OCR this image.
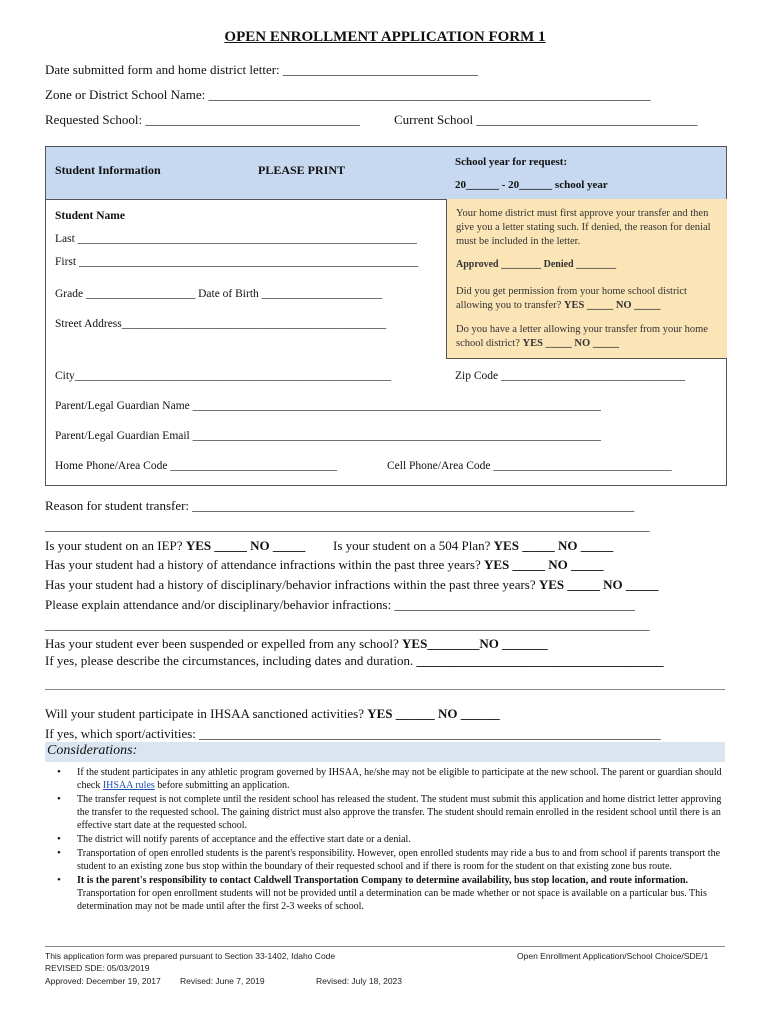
OPEN ENROLLMENT APPLICATION FORM 1
Date submitted form and home district letter: ______________________________
Zone or District School Name: ____________________________________________________________________
Requested School: _________________________________	Current School __________________________________
Student Information	PLEASE PRINT
School year for request:
20______ - 20______ school year
Your home district must first approve your transfer and then give you a letter stating such. If denied, the reason for denial must be included in the letter.
Approved ________ Denied ________
Did you get permission from your home school district allowing you to transfer? YES _____ NO _____
Do you have a letter allowing your transfer from your home school district? YES _____ NO _____
Student Name
Last ___________________________________________________________
First ___________________________________________________________
Grade ___________________ Date of Birth _____________________
Street Address______________________________________________
City_______________________________________________________	Zip Code ________________________________
Parent/Legal Guardian Name _______________________________________________________________________
Parent/Legal Guardian Email _______________________________________________________________________
Home Phone/Area Code _____________________________	Cell Phone/Area Code _______________________________
Reason for student transfer: ____________________________________________________________________
_____________________________________________________________________________________________
Is your student on an IEP? YES _____ NO _____ Is your student on a 504 Plan? YES _____ NO _____
Has your student had a history of attendance infractions within the past three years? YES _____ NO _____
Has your student had a history of disciplinary/behavior infractions within the past three years? YES _____ NO _____
Please explain attendance and/or disciplinary/behavior infractions: _____________________________________
_____________________________________________________________________________________________
Has your student ever been suspended or expelled from any school? YES________NO _______
If yes, please describe the circumstances, including dates and duration. ______________________________________
Will your student participate in IHSAA sanctioned activities? YES ______ NO ______
If yes, which sport/activities: _______________________________________________________________________
Considerations:
• If the student participates in any athletic program governed by IHSAA, he/she may not be eligible to participate at the new school. The parent or guardian should check IHSAA rules before submitting an application.
• The transfer request is not complete until the resident school has released the student. The student must submit this application and home district letter approving the transfer to the requested school. The gaining district must also approve the transfer. The student should remain enrolled in the resident school until there is an effective start date at the requested school.
• The district will notify parents of acceptance and the effective start date or a denial.
• Transportation of open enrolled students is the parent's responsibility. However, open enrolled students may ride a bus to and from school if parents transport the student to an existing zone bus stop within the boundary of their requested school and if there is room for the student on that existing zone bus route.
• It is the parent's responsibility to contact Caldwell Transportation Company to determine availability, bus stop location, and route information. Transportation for open enrollment students will not be provided until a determination can be made whether or not space is available on a particular bus. This determination may not be made until after the first 2-3 weeks of school.
This application form was prepared pursuant to Section 33-1402, Idaho Code
REVISED SDE: 05/03/2019
Approved: December 19, 2017 Revised: June 7, 2019	Revised: July 18, 2023
Open Enrollment Application/School Choice/SDE/1
